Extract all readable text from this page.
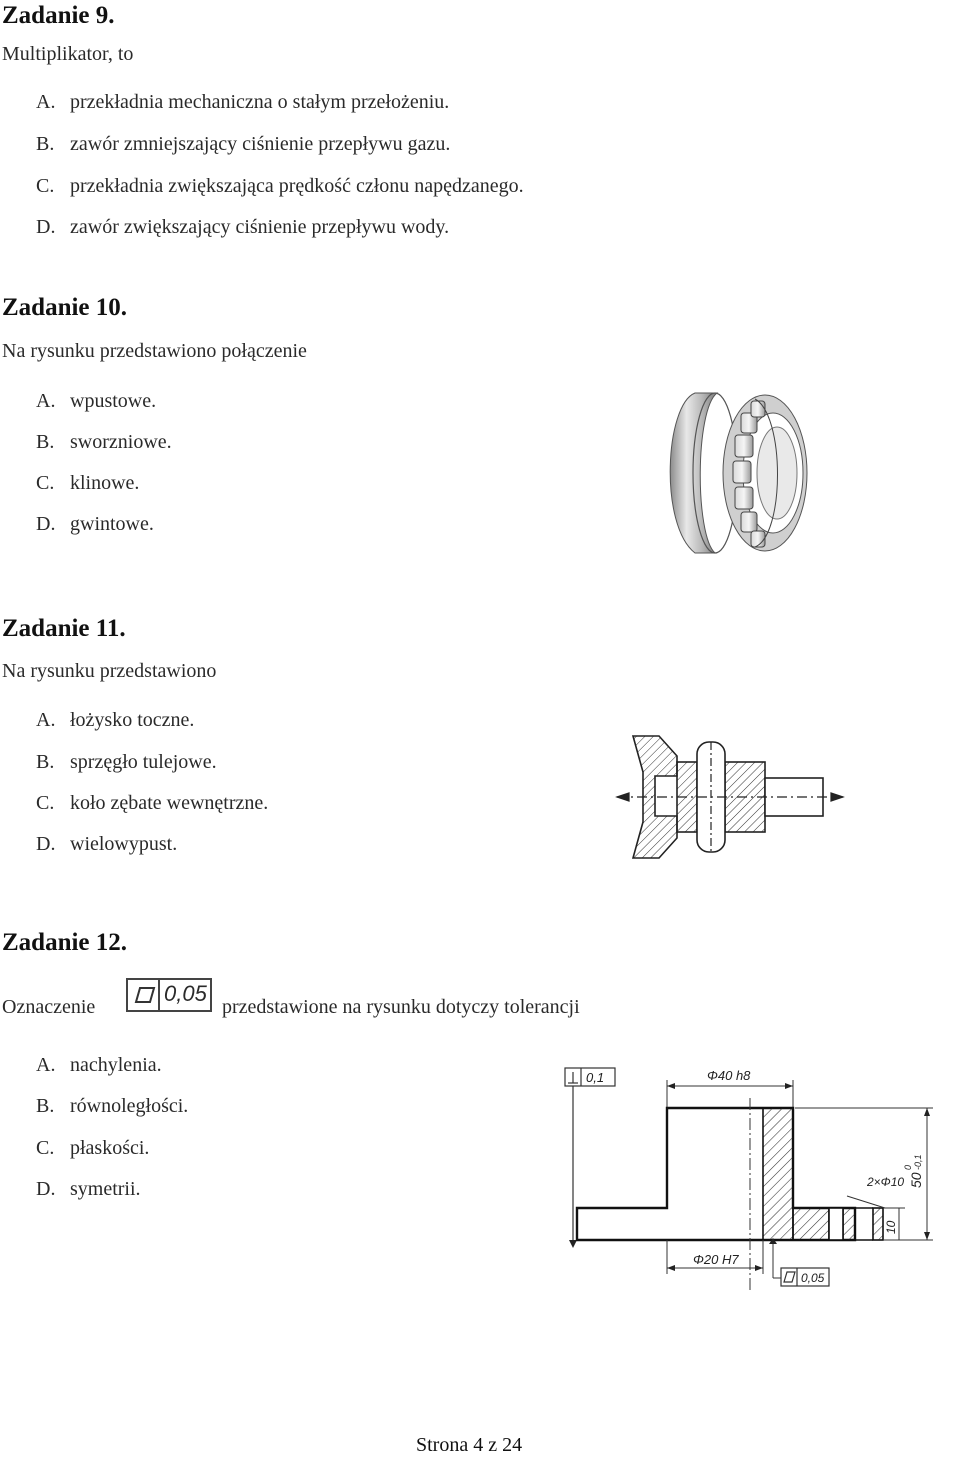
Zadanie 9.
Multiplikator, to
A. przekładnia mechaniczna o stałym przełożeniu.
B. zawór zmniejszający ciśnienie przepływu gazu.
C. przekładnia zwiększająca prędkość członu napędzanego.
D. zawór zwiększający ciśnienie przepływu wody.
Zadanie 10.
Na rysunku przedstawiono połączenie
A. wpustowe.
B. sworzniowe.
C. klinowe.
D. gwintowe.
Zadanie 11.
Na rysunku przedstawiono
A. łożysko toczne.
B. sprzęgło tulejowe.
C. koło zębate wewnętrzne.
D. wielowypust.
Zadanie 12.
Oznaczenie
0,05
przedstawione na rysunku dotyczy tolerancji
A. nachylenia.
B. równoległości.
C. płaskości.
D. symetrii.
0,1	Φ40 h8
2×Φ10 50
0 -0,1
10
Φ20 H7
0,05
Strona 4 z 24
